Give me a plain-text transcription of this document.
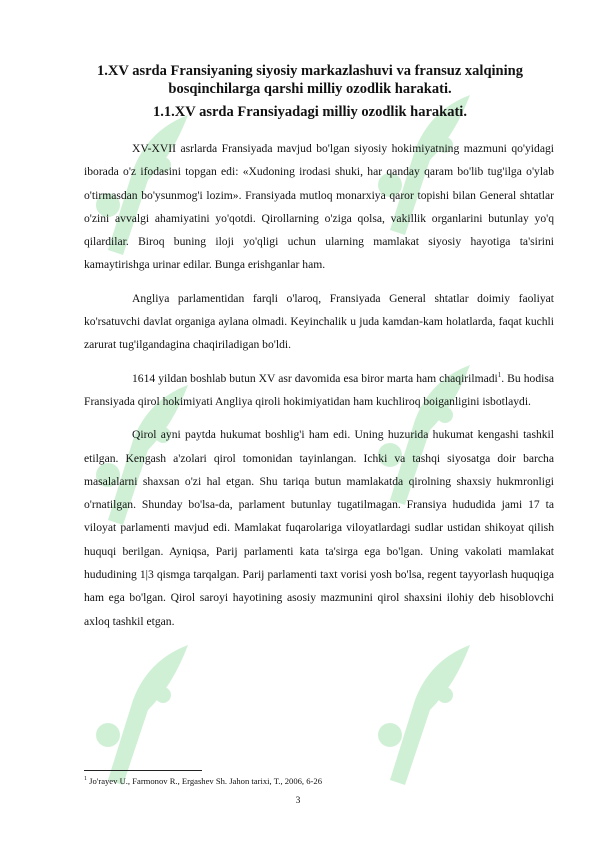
1.XV asrda Fransiyaning siyosiy markazlashuvi va fransuz xalqining
bosqinchilarga qarshi milliy ozodlik harakati.
1.1.XV asrda Fransiyadagi milliy ozodlik harakati.

XV-XVII asrlarda Fransiyada mavjud bo'lgan siyosiy hokimiyatning mazmuni qo'yidagi iborada o'z ifodasini topgan edi: «Xudoning irodasi shuki, har qanday qaram bo'lib tug'ilga o'ylab o'tirmasdan bo'ysunmog'i lozim». Fransiyada mutloq monarxiya qaror topishi bilan General shtatlar o'zini avvalgi ahamiyatini yo'qotdi. Qirollarning o'ziga qolsa, vakillik organlarini butunlay yo'q qilardilar. Biroq buning iloji yo'qligi uchun ularning mamlakat siyosiy hayotiga ta'sirini kamaytirishga urinar edilar. Bunga erishganlar ham.

Angliya parlamentidan farqli o'laroq, Fransiyada General shtatlar doimiy faoliyat ko'rsatuvchi davlat organiga aylana olmadi. Keyinchalik u juda kamdan-kam holatlarda, faqat kuchli zarurat tug'ilgandagina chaqiriladigan bo'ldi.

1614 yildan boshlab butun XV asr davomida esa biror marta ham chaqirilmadi$^1$. Bu hodisa Fransiyada qirol hokimiyati Angliya qiroli hokimiyatidan ham kuchliroq boiganligini isbotlaydi.

Qirol ayni paytda hukumat boshlig'i ham edi. Uning huzurida hukumat kengashi tashkil etilgan. Kengash a'zolari qirol tomonidan tayinlangan. Ichki va tashqi siyosatga doir barcha masalalarni shaxsan o'zi hal etgan. Shu tariqa butun mamlakatda qirolning shaxsiy hukmronligi o'rnatilgan. Shunday bo'lsa-da, parlament butunlay tugatilmagan. Fransiya hududida jami 17 ta viloyat parlamenti mavjud edi. Mamlakat fuqarolariga viloyatlardagi sudlar ustidan shikoyat qilish huquqi berilgan. Ayniqsa, Parij parlamenti kata ta'sirga ega bo'lgan. Uning vakolati mamlakat hududining 1|3 qismga tarqalgan. Parij parlamenti taxt vorisi yosh bo'lsa, regent tayyorlash huquqiga ham ega bo'lgan. Qirol saroyi hayotining asosiy mazmunini qirol shaxsini ilohiy deb hisoblovchi axloq tashkil etgan.

$^1$ Jo'rayev U., Farmonov R., Ergashev Sh. Jahon tarixi, T., 2006, 6-26
3
